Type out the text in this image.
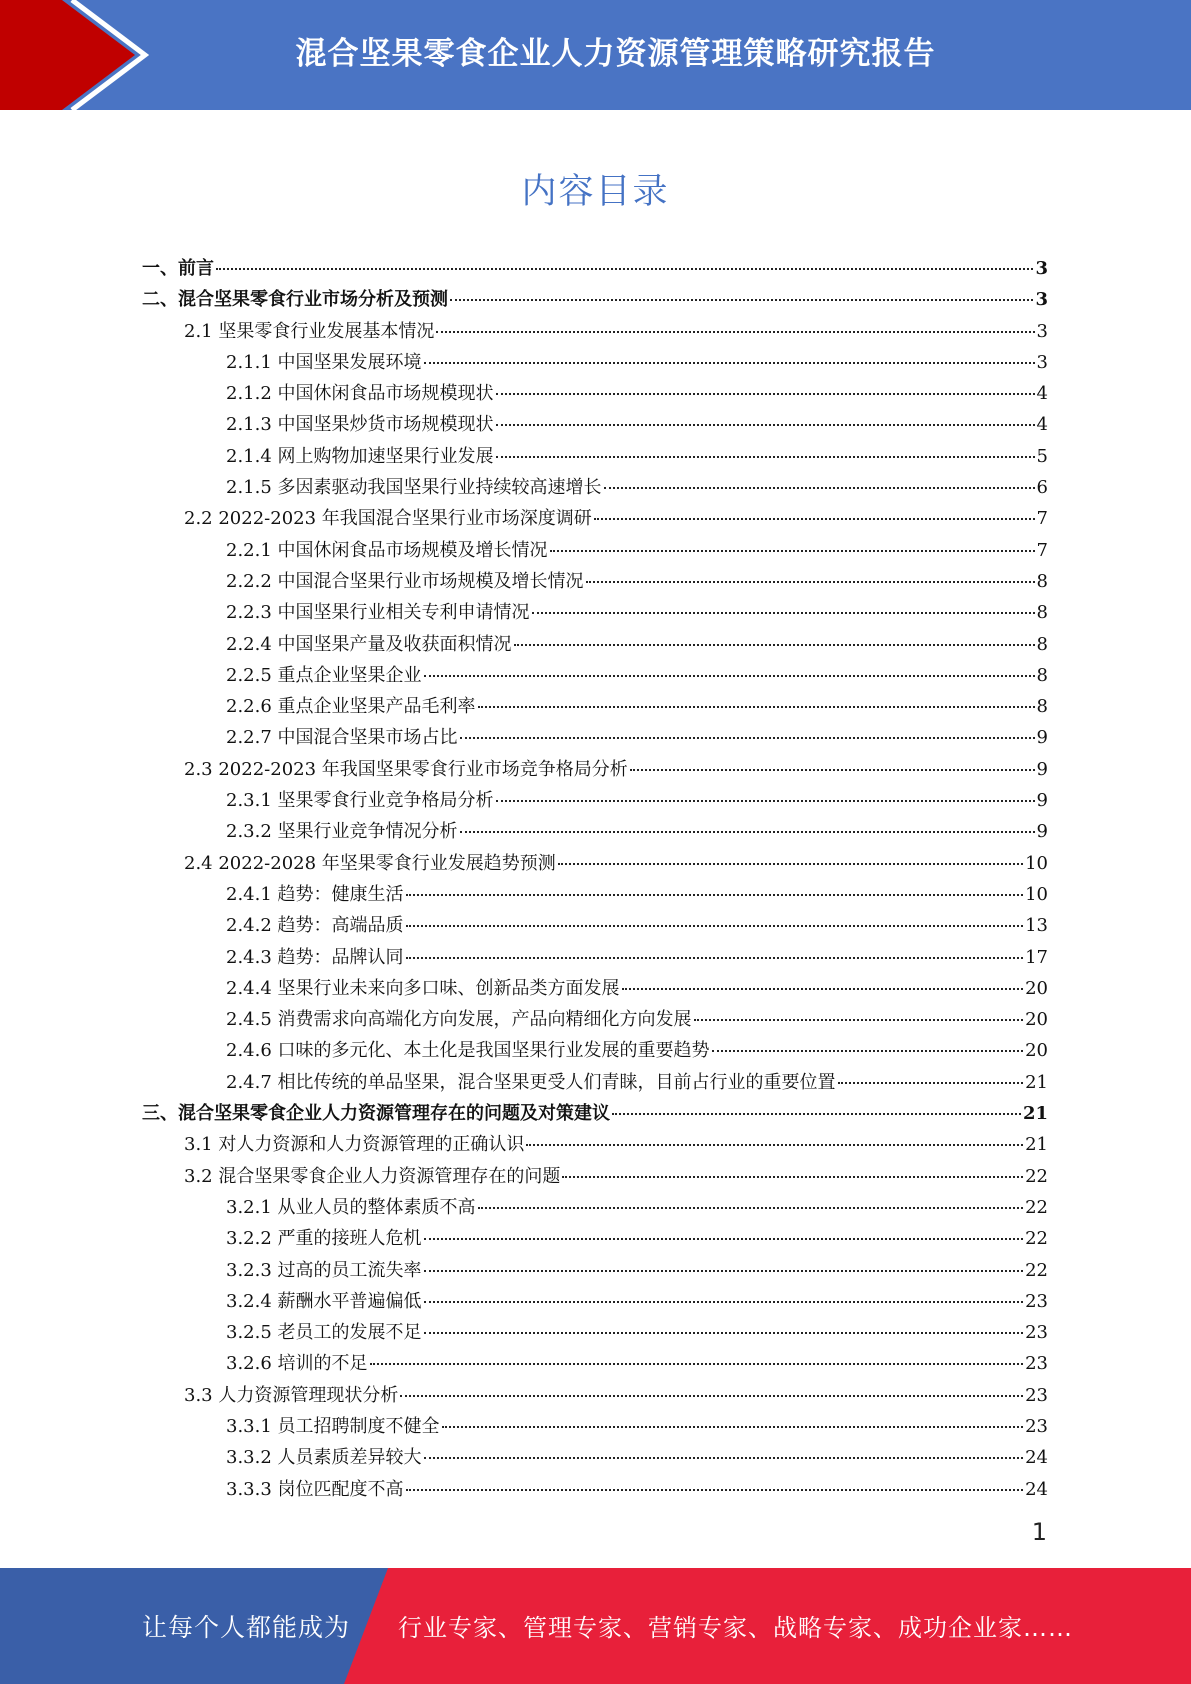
混合坚果零食企业人力资源管理策略研究报告
内容目录
一、前言	3
二、混合坚果零食行业市场分析及预测	3
2.1 坚果零食行业发展基本情况	3
2.1.1 中国坚果发展环境	3
2.1.2 中国休闲食品市场规模现状	4
2.1.3 中国坚果炒货市场规模现状	4
2.1.4 网上购物加速坚果行业发展	5
2.1.5 多因素驱动我国坚果行业持续较高速增长	6
2.2 2022-2023 年我国混合坚果行业市场深度调研	7
2.2.1 中国休闲食品市场规模及增长情况	7
2.2.2 中国混合坚果行业市场规模及增长情况	8
2.2.3 中国坚果行业相关专利申请情况	8
2.2.4 中国坚果产量及收获面积情况	8
2.2.5 重点企业坚果企业	8
2.2.6 重点企业坚果产品毛利率	8
2.2.7 中国混合坚果市场占比	9
2.3 2022-2023 年我国坚果零食行业市场竞争格局分析	9
2.3.1 坚果零食行业竞争格局分析	9
2.3.2 坚果行业竞争情况分析	9
2.4 2022-2028 年坚果零食行业发展趋势预测	10
2.4.1 趋势：健康生活	10
2.4.2 趋势：高端品质	13
2.4.3 趋势：品牌认同	17
2.4.4 坚果行业未来向多口味、创新品类方面发展	20
2.4.5 消费需求向高端化方向发展，产品向精细化方向发展	20
2.4.6 口味的多元化、本土化是我国坚果行业发展的重要趋势	20
2.4.7 相比传统的单品坚果，混合坚果更受人们青睐，目前占行业的重要位置	21
三、混合坚果零食企业人力资源管理存在的问题及对策建议	21
3.1 对人力资源和人力资源管理的正确认识	21
3.2 混合坚果零食企业人力资源管理存在的问题	22
3.2.1 从业人员的整体素质不高	22
3.2.2 严重的接班人危机	22
3.2.3 过高的员工流失率	22
3.2.4 薪酬水平普遍偏低	23
3.2.5 老员工的发展不足	23
3.2.6 培训的不足	23
3.3 人力资源管理现状分析	23
3.3.1 员工招聘制度不健全	23
3.3.2 人员素质差异较大	24
3.3.3 岗位匹配度不高	24
1
让每个人都能成为 行业专家、管理专家、营销专家、战略专家、成功企业家……
